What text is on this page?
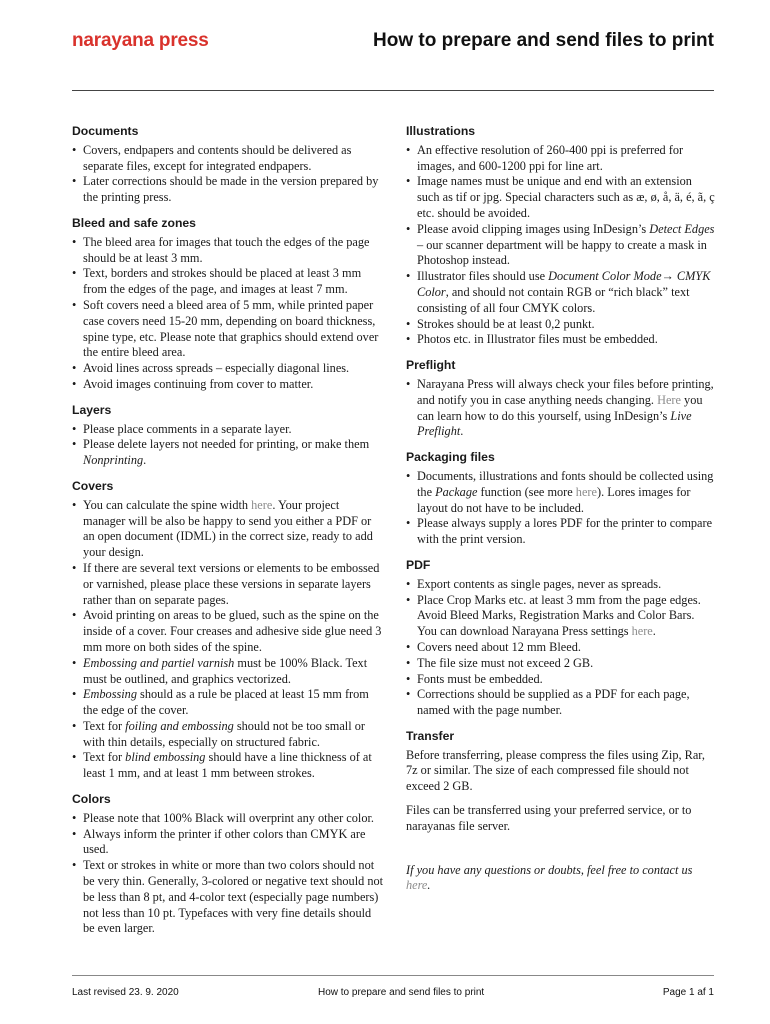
narayana press	How to prepare and send files to print
Documents
• Covers, endpapers and contents should be delivered as separate files, except for integrated endpapers.
• Later corrections should be made in the version prepared by the printing press.
Bleed and safe zones
• The bleed area for images that touch the edges of the page should be at least 3 mm.
• Text, borders and strokes should be placed at least 3 mm from the edges of the page, and images at least 7 mm.
• Soft covers need a bleed area of 5 mm, while printed paper case covers need 15-20 mm, depending on board thickness, spine type, etc. Please note that graphics should extend over the entire bleed area.
• Avoid lines across spreads – especially diagonal lines.
• Avoid images continuing from cover to matter.
Layers
• Please place comments in a separate layer.
• Please delete layers not needed for printing, or make them Nonprinting.
Covers
• You can calculate the spine width here. Your project manager will be also be happy to send you either a PDF or an open document (IDML) in the correct size, ready to add your design.
• If there are several text versions or elements to be embossed or varnished, please place these versions in separate layers rather than on separate pages.
• Avoid printing on areas to be glued, such as the spine on the inside of a cover. Four creases and adhesive side glue need 3 mm more on both sides of the spine.
• Embossing and partiel varnish must be 100% Black. Text must be outlined, and graphics vectorized.
• Embossing should as a rule be placed at least 15 mm from the edge of the cover.
• Text for foiling and embossing should not be too small or with thin details, especially on structured fabric.
• Text for blind embossing should have a line thickness of at least 1 mm, and at least 1 mm between strokes.
Colors
• Please note that 100% Black will overprint any other color.
• Always inform the printer if other colors than CMYK are used.
• Text or strokes in white or more than two colors should not be very thin. Generally, 3-colored or negative text should not be less than 8 pt, and 4-color text (especially page numbers) not less than 10 pt. Typefaces with very fine details should be even larger.
Illustrations
• An effective resolution of 260-400 ppi is preferred for images, and 600-1200 ppi for line art.
• Image names must be unique and end with an extension such as tif or jpg. Special characters such as æ, ø, å, ä, é, ã, ç etc. should be avoided.
• Please avoid clipping images using InDesign’s Detect Edges – our scanner department will be happy to create a mask in Photoshop instead.
• Illustrator files should use Document Color Mode→ CMYK Color, and should not contain RGB or “rich black” text consisting of all four CMYK colors.
• Strokes should be at least 0,2 punkt.
• Photos etc. in Illustrator files must be embedded.
Preflight
• Narayana Press will always check your files before printing, and notify you in case anything needs changing. Here you can learn how to do this yourself, using InDesign’s Live Preflight.
Packaging files
• Documents, illustrations and fonts should be collected using the Package function (see more here). Lores images for layout do not have to be included.
• Please always supply a lores PDF for the printer to compare with the print version.
PDF
• Export contents as single pages, never as spreads.
• Place Crop Marks etc. at least 3 mm from the page edges. Avoid Bleed Marks, Registration Marks and Color Bars. You can download Narayana Press settings here.
• Covers need about 12 mm Bleed.
• The file size must not exceed 2 GB.
• Fonts must be embedded.
• Corrections should be supplied as a PDF for each page, named with the page number.
Transfer

Before transferring, please compress the files using Zip, Rar, 7z or similar. The size of each compressed file should not exceed 2 GB.

Files can be transferred using your preferred service, or to narayanas file server.

If you have any questions or doubts, feel free to contact us here.

Last revised 23. 9. 2020	How to prepare and send files to print	Page 1 af 1
